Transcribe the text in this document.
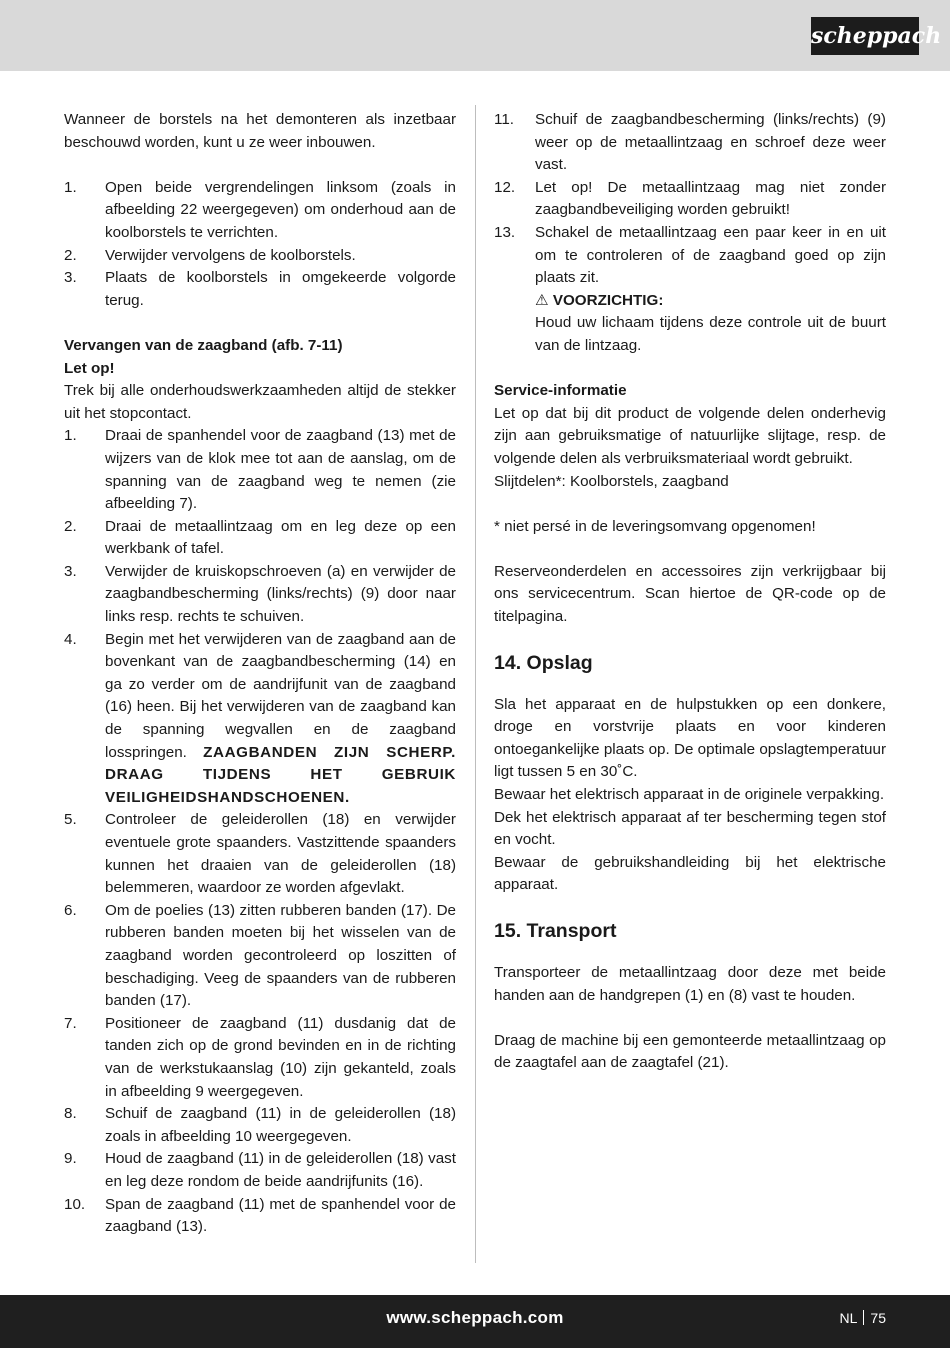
scheppach

Wanneer de borstels na het demonteren als inzetbaar beschouwd worden, kunt u ze weer inbouwen.

1. Open beide vergrendelingen linksom (zoals in afbeelding 22 weergegeven) om onderhoud aan de koolborstels te verrichten.
2. Verwijder vervolgens de koolborstels.
3. Plaats de koolborstels in omgekeerde volgorde terug.

Vervangen van de zaagband (afb. 7-11)

Let op!

Trek bij alle onderhoudswerkzaamheden altijd de stekker uit het stopcontact.

1. Draai de spanhendel voor de zaagband (13) met de wijzers van de klok mee tot aan de aanslag, om de spanning van de zaagband weg te nemen (zie afbeelding 7).
2. Draai de metaallintzaag om en leg deze op een werkbank of tafel.
3. Verwijder de kruiskopschroeven (a) en verwijder de zaagbandbescherming (links/rechts) (9) door naar links resp. rechts te schuiven.
4. Begin met het verwijderen van de zaagband aan de bovenkant van de zaagbandbescherming (14) en ga zo verder om de aandrijfunit van de zaagband (16) heen. Bij het verwijderen van de zaagband kan de spanning wegvallen en de zaagband losspringen. ZAAGBANDEN ZIJN SCHERP. DRAAG TIJDENS HET GEBRUIK VEILIGHEIDSHANDSCHOENEN.
5. Controleer de geleiderollen (18) en verwijder eventuele grote spaanders. Vastzittende spaanders kunnen het draaien van de geleiderollen (18) belemmeren, waardoor ze worden afgevlakt.
6. Om de poelies (13) zitten rubberen banden (17). De rubberen banden moeten bij het wisselen van de zaagband worden gecontroleerd op loszitten of beschadiging. Veeg de spaanders van de rubberen banden (17).
7. Positioneer de zaagband (11) dusdanig dat de tanden zich op de grond bevinden en in de richting van de werkstukaanslag (10) zijn gekanteld, zoals in afbeelding 9 weergegeven.
8. Schuif de zaagband (11) in de geleiderollen (18) zoals in afbeelding 10 weergegeven.
9. Houd de zaagband (11) in de geleiderollen (18) vast en leg deze rondom de beide aandrijfunits (16).
10. Span de zaagband (11) met de spanhendel voor de zaagband (13).
11. Schuif de zaagbandbescherming (links/rechts) (9) weer op de metaallintzaag en schroef deze weer vast.
12. Let op! De metaallintzaag mag niet zonder zaagbandbeveiliging worden gebruikt!
13. Schakel de metaallintzaag een paar keer in en uit om te controleren of de zaagband goed op zijn plaats zit.
⚠ VOORZICHTIG:
Houd uw lichaam tijdens deze controle uit de buurt van de lintzaag.

Service-informatie

Let op dat bij dit product de volgende delen onderhevig zijn aan gebruiksmatige of natuurlijke slijtage, resp. de volgende delen als verbruiksmateriaal wordt gebruikt.

Slijtdelen*: Koolborstels, zaagband

* niet persé in de leveringsomvang opgenomen!

Reserveonderdelen en accessoires zijn verkrijgbaar bij ons servicecentrum. Scan hiertoe de QR-code op de titelpagina.

14. Opslag

Sla het apparaat en de hulpstukken op een donkere, droge en vorstvrije plaats en voor kinderen ontoegankelijke plaats op. De optimale opslagtemperatuur ligt tussen 5 en 30˚C.

Bewaar het elektrisch apparaat in de originele verpakking.

Dek het elektrisch apparaat af ter bescherming tegen stof en vocht.

Bewaar de gebruikshandleiding bij het elektrische apparaat.

15. Transport

Transporteer de metaallintzaag door deze met beide handen aan de handgrepen (1) en (8) vast te houden.

Draag de machine bij een gemonteerde metaallintzaag op de zaagtafel aan de zaagtafel (21).

www.scheppach.com	NL 75
